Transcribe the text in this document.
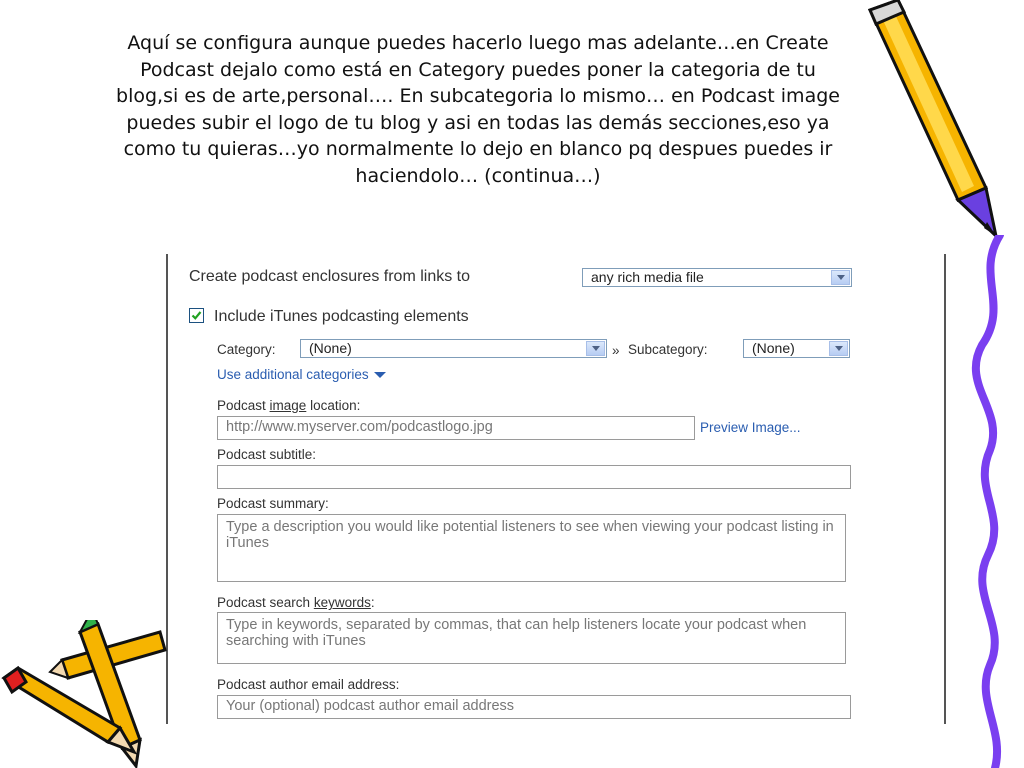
Aquí se configura aunque puedes hacerlo luego mas adelante…en Create

Podcast dejalo como está en Category puedes poner la categoria de tu

blog,si es de arte,personal…. En subcategoria lo mismo… en Podcast image

puedes subir el logo de tu blog y asi en todas las demás secciones,eso ya

como tu quieras…yo normalmente lo dejo en blanco pq despues puedes ir

haciendolo… (continua…)

Create podcast enclosures from links to	any rich media file
Include iTunes podcasting elements
Category:	(None)	» Subcategory:	(None)
Use additional categories
Podcast image location:
http://www.myserver.com/podcastlogo.jpg	Preview Image...
Podcast subtitle:
Podcast summary:
Type a description you would like potential listeners to see when viewing your podcast listing in iTunes
Podcast search keywords:
Type in keywords, separated by commas, that can help listeners locate your podcast when searching with iTunes
Podcast author email address:
Your (optional) podcast author email address
